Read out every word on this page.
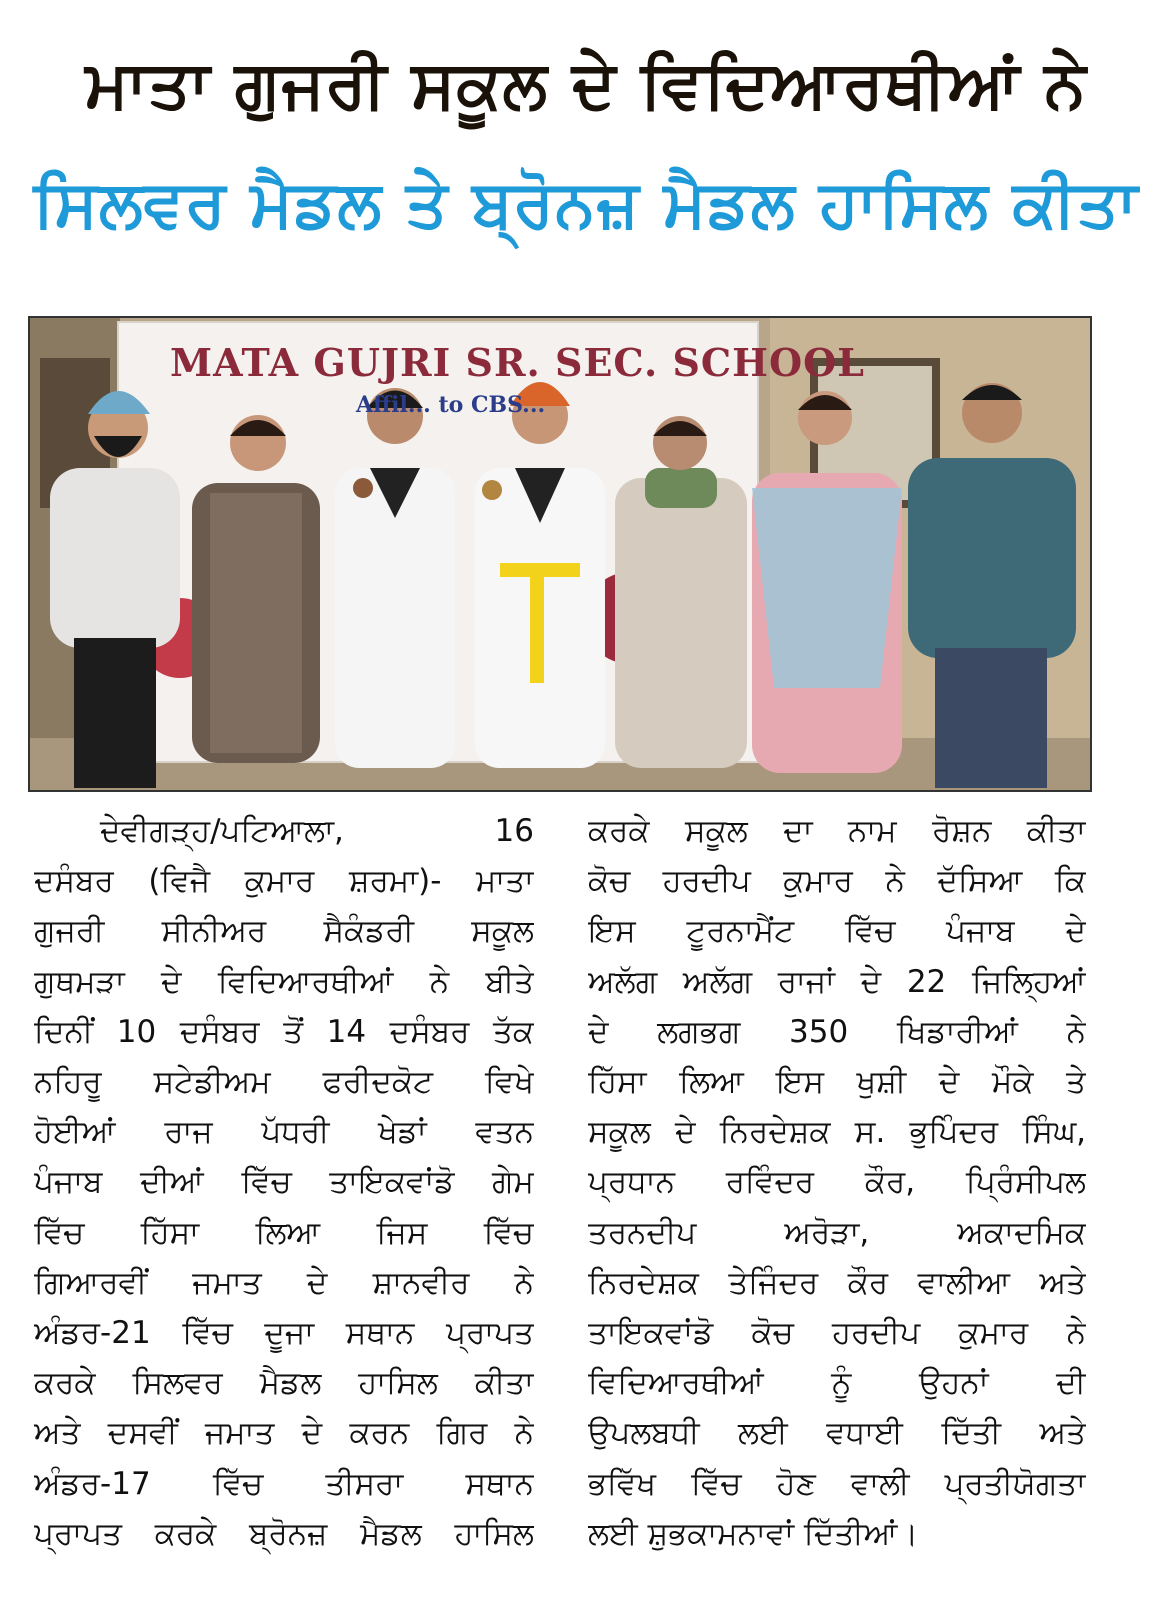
ਮਾਤਾ ਗੁਜਰੀ ਸਕੂਲ ਦੇ ਵਿਦਿਆਰਥੀਆਂ ਨੇ
ਸਿਲਵਰ ਮੈਡਲ ਤੇ ਬ੍ਰੋਨਜ਼ ਮੈਡਲ ਹਾਸਿਲ ਕੀਤਾ
MATA GUJRI SR. SEC. SCHOOL
Affil... to CBS...
ਦੇਵੀਗੜ੍ਹ/ਪਟਿਆਲਾ,	16
ਦਸੰਬਰ (ਵਿਜੈ ਕੁਮਾਰ ਸ਼ਰਮਾ)- ਮਾਤਾ
ਗੁਜਰੀ ਸੀਨੀਅਰ ਸੈਕੰਡਰੀ ਸਕੂਲ
ਗੁਥਮੜਾ ਦੇ ਵਿਦਿਆਰਥੀਆਂ ਨੇ ਬੀਤੇ
ਦਿਨੀਂ 10 ਦਸੰਬਰ ਤੋਂ 14 ਦਸੰਬਰ ਤੱਕ
ਨਹਿਰੂ ਸਟੇਡੀਅਮ ਫਰੀਦਕੋਟ ਵਿਖੇ
ਹੋਈਆਂ ਰਾਜ ਪੱਧਰੀ ਖੇਡਾਂ ਵਤਨ
ਪੰਜਾਬ ਦੀਆਂ ਵਿੱਚ ਤਾਇਕਵਾਂਡੋ ਗੇਮ
ਵਿੱਚ ਹਿੱਸਾ ਲਿਆ ਜਿਸ ਵਿੱਚ
ਗਿਆਰਵੀਂ ਜਮਾਤ ਦੇ ਸ਼ਾਨਵੀਰ ਨੇ
ਅੰਡਰ-21 ਵਿੱਚ ਦੂਜਾ ਸਥਾਨ ਪ੍ਰਾਪਤ
ਕਰਕੇ ਸਿਲਵਰ ਮੈਡਲ ਹਾਸਿਲ ਕੀਤਾ
ਅਤੇ ਦਸਵੀਂ ਜਮਾਤ ਦੇ ਕਰਨ ਗਿਰ ਨੇ
ਅੰਡਰ-17 ਵਿੱਚ ਤੀਸਰਾ ਸਥਾਨ
ਪ੍ਰਾਪਤ ਕਰਕੇ ਬ੍ਰੋਨਜ਼ ਮੈਡਲ ਹਾਸਿਲ
ਕਰਕੇ ਸਕੂਲ ਦਾ ਨਾਮ ਰੋਸ਼ਨ ਕੀਤਾ
ਕੋਚ ਹਰਦੀਪ ਕੁਮਾਰ ਨੇ ਦੱਸਿਆ ਕਿ
ਇਸ ਟੂਰਨਾਮੈਂਟ ਵਿੱਚ ਪੰਜਾਬ ਦੇ
ਅਲੱਗ ਅਲੱਗ ਰਾਜਾਂ ਦੇ 22 ਜਿਲ੍ਹਿਆਂ
ਦੇ ਲਗਭਗ 350 ਖਿਡਾਰੀਆਂ ਨੇ
ਹਿੱਸਾ ਲਿਆ ਇਸ ਖੁਸ਼ੀ ਦੇ ਮੌਕੇ ਤੇ
ਸਕੂਲ ਦੇ ਨਿਰਦੇਸ਼ਕ ਸ. ਭੁਪਿੰਦਰ ਸਿੰਘ,
ਪ੍ਰਧਾਨ ਰਵਿੰਦਰ ਕੌਰ, ਪ੍ਰਿੰਸੀਪਲ
ਤਰਨਦੀਪ ਅਰੋੜਾ, ਅਕਾਦਮਿਕ
ਨਿਰਦੇਸ਼ਕ ਤੇਜਿੰਦਰ ਕੌਰ ਵਾਲੀਆ ਅਤੇ
ਤਾਇਕਵਾਂਡੋ ਕੋਚ ਹਰਦੀਪ ਕੁਮਾਰ ਨੇ
ਵਿਦਿਆਰਥੀਆਂ ਨੂੰ ਉਹਨਾਂ ਦੀ
ਉਪਲਬਧੀ ਲਈ ਵਧਾਈ ਦਿੱਤੀ ਅਤੇ
ਭਵਿੱਖ ਵਿੱਚ ਹੋਣ ਵਾਲੀ ਪ੍ਰਤੀਯੋਗਤਾ
ਲਈ ਸ਼ੁਭਕਾਮਨਾਵਾਂ ਦਿੱਤੀਆਂ।
